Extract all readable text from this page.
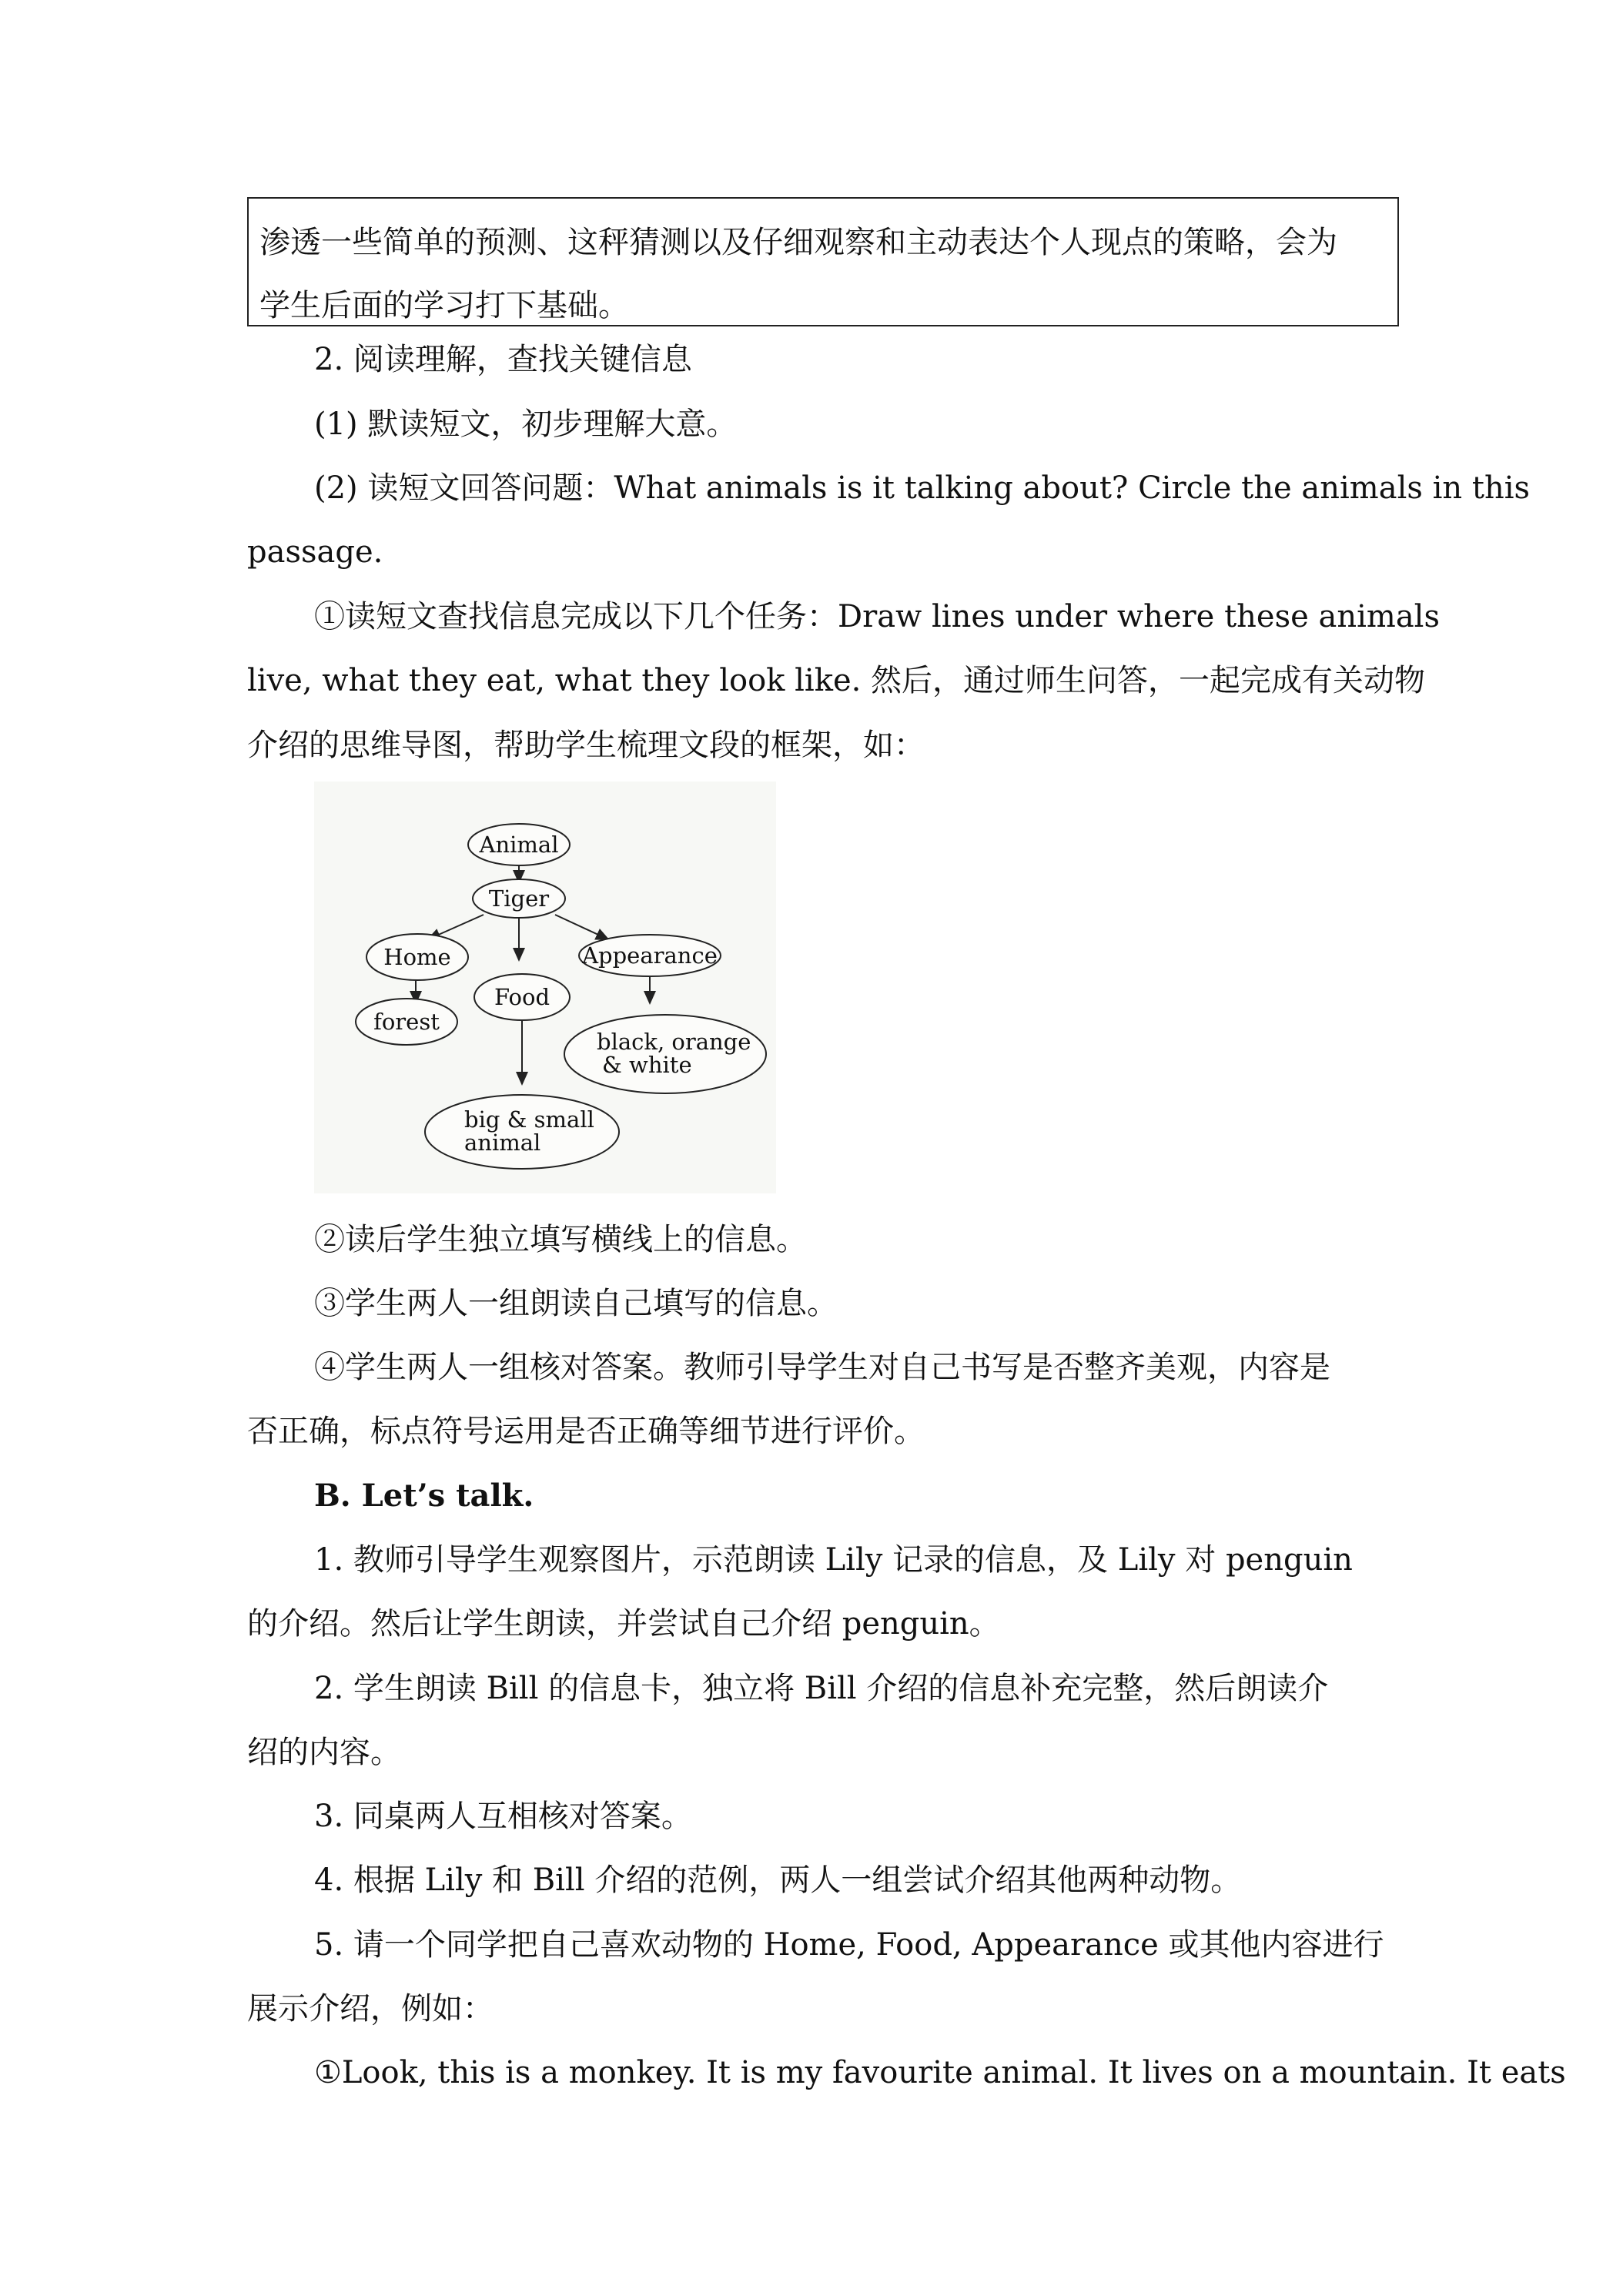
渗透一些简单的预测、这秤猜测以及仔细观察和主动表达个人现点的策略，会为
学生后面的学习打下基础。
2. 阅读理解，查找关键信息
(1) 默读短文，初步理解大意。
(2) 读短文回答问题：What animals is it talking about? Circle the animals in this
passage.
①读短文查找信息完成以下几个任务：Draw lines under where these animals
live, what they eat, what they look like. 然后，通过师生问答，一起完成有关动物
介绍的思维导图，帮助学生梳理文段的框架，如：
Animal
Tiger
Home
Food
Appearance
forest
black, orange
& white
big & small
animal
②读后学生独立填写横线上的信息。
③学生两人一组朗读自己填写的信息。
④学生两人一组核对答案。教师引导学生对自己书写是否整齐美观，内容是
否正确，标点符号运用是否正确等细节进行评价。
B. Let’s talk.
1. 教师引导学生观察图片，示范朗读 Lily 记录的信息，及 Lily 对 penguin
的介绍。然后让学生朗读，并尝试自己介绍 penguin。
2. 学生朗读 Bill 的信息卡，独立将 Bill 介绍的信息补充完整，然后朗读介
绍的内容。
3. 同桌两人互相核对答案。
4. 根据 Lily 和 Bill 介绍的范例，两人一组尝试介绍其他两种动物。
5. 请一个同学把自己喜欢动物的 Home, Food, Appearance 或其他内容进行
展示介绍，例如：
①Look, this is a monkey. It is my favourite animal. It lives on a mountain. It eats
